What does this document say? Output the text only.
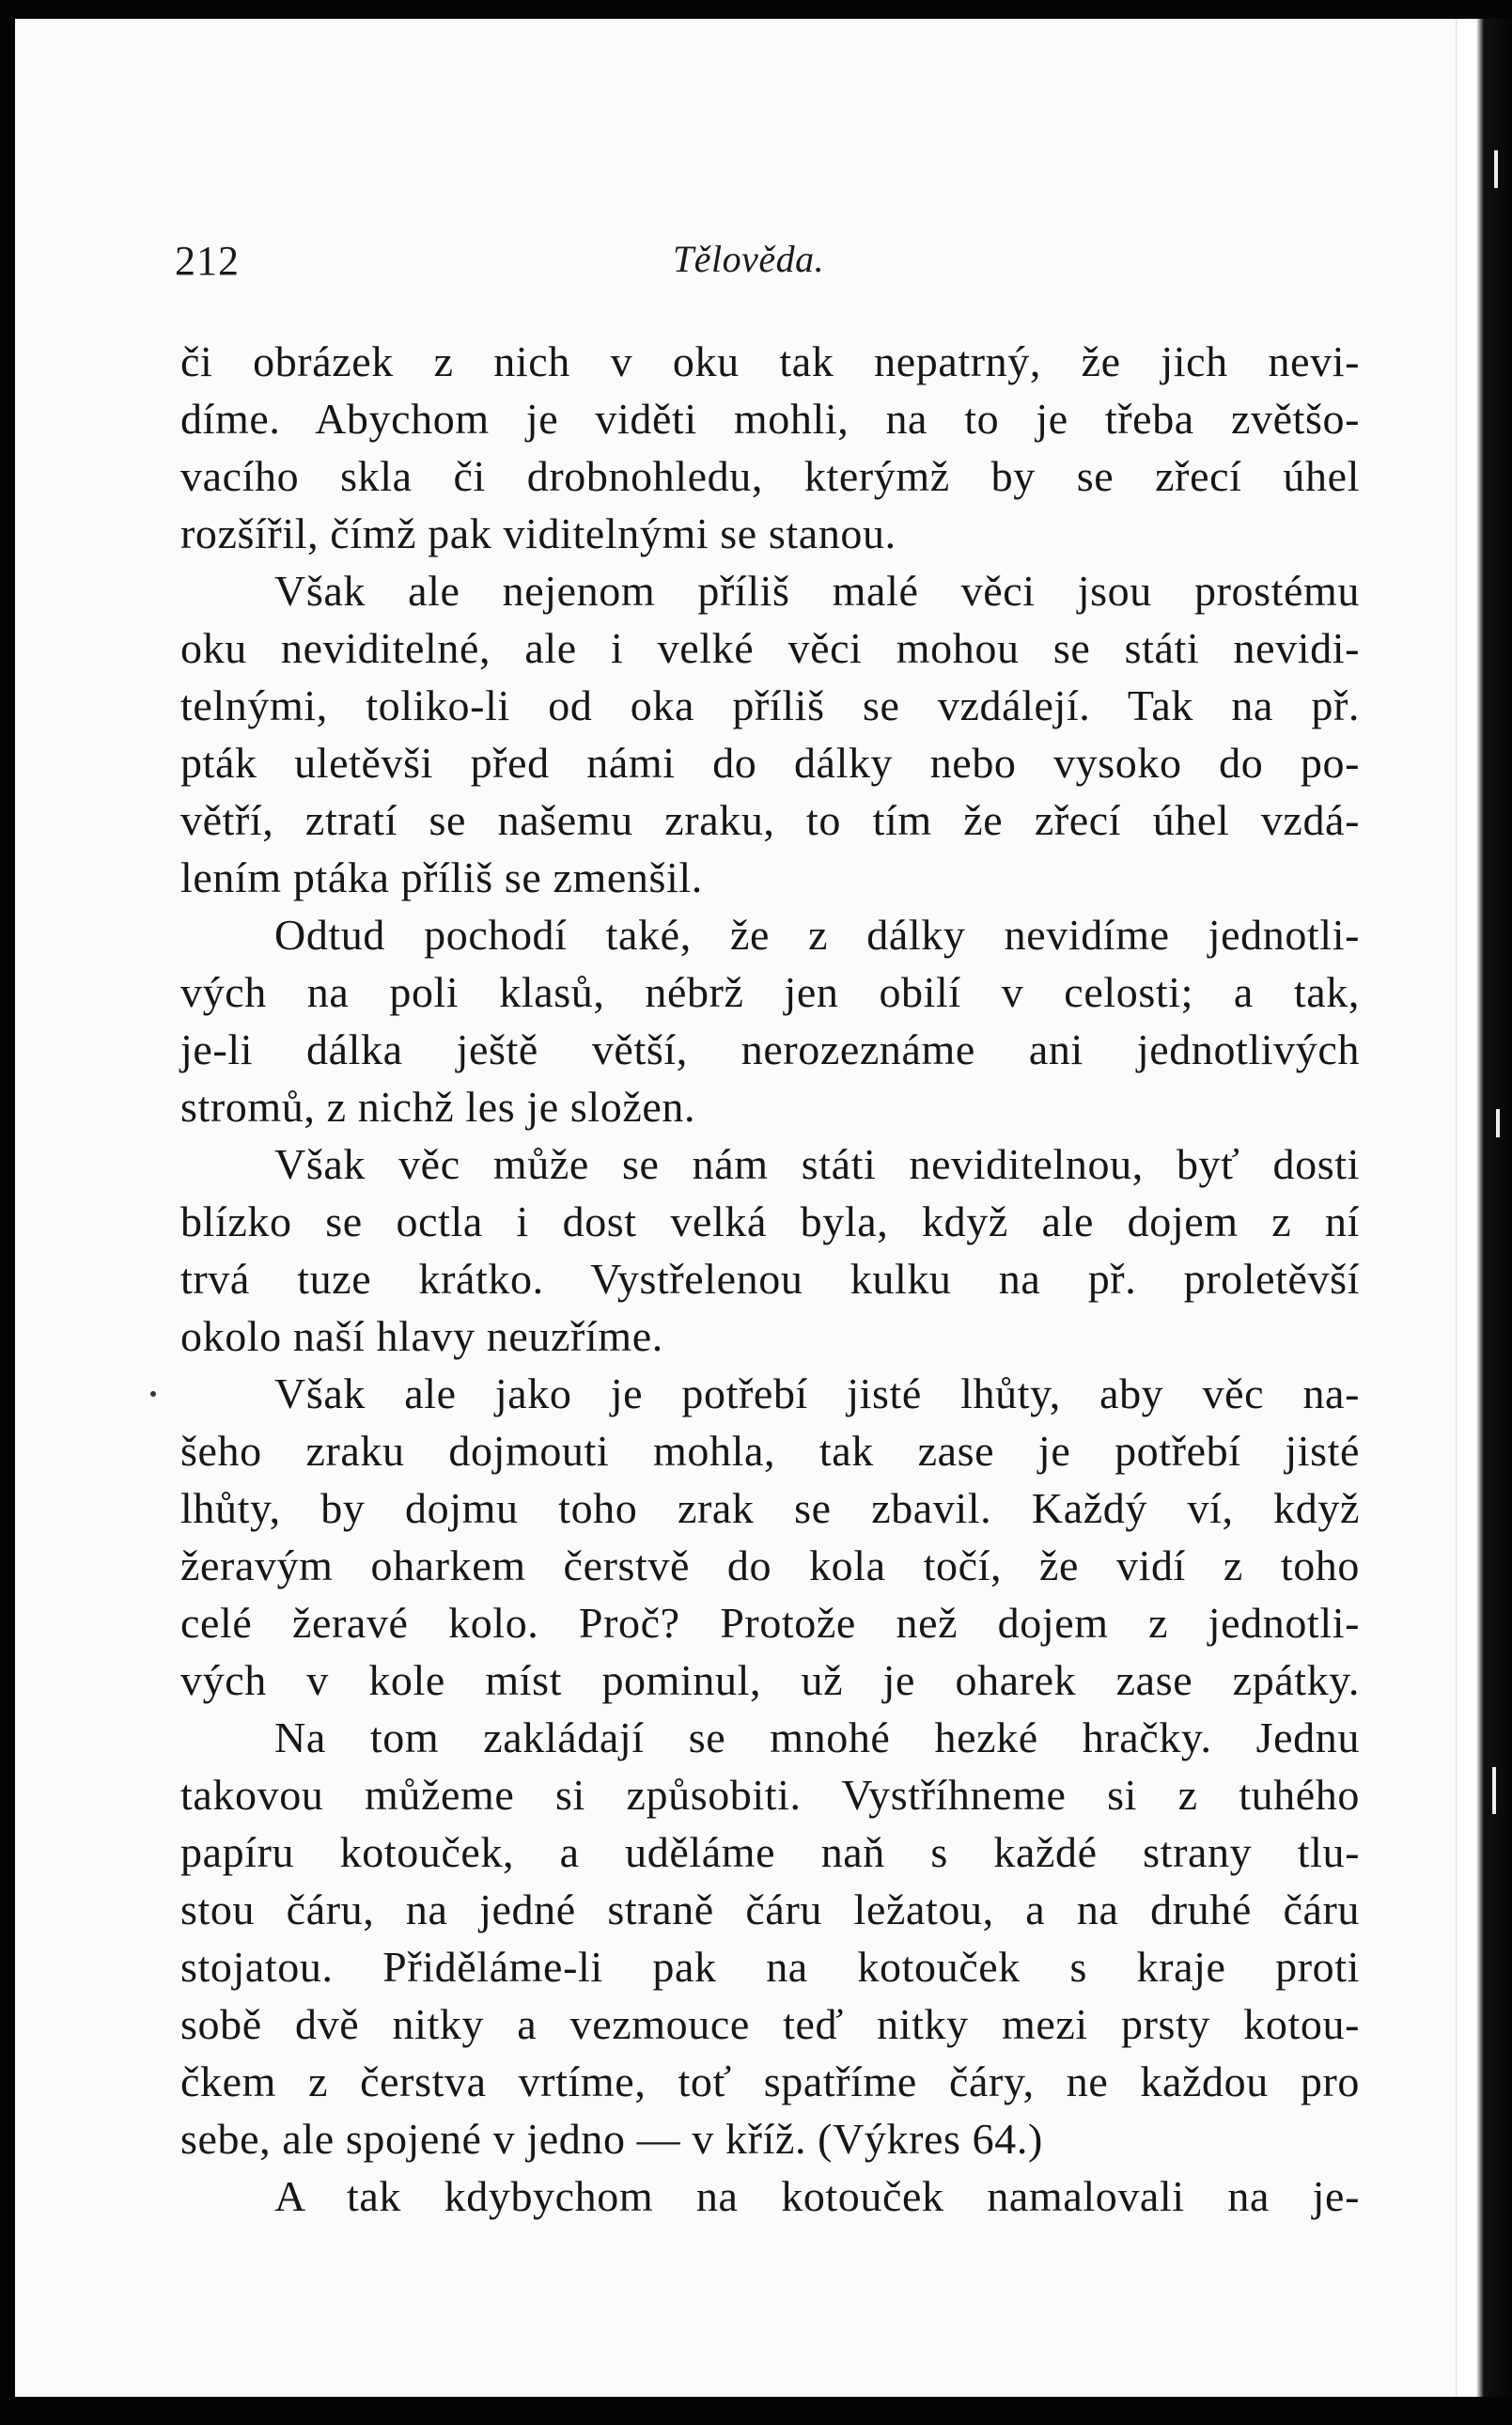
212	Tělověda.
či obrázek z nich v oku tak nepatrný, že jich nevi-
díme. Abychom je viděti mohli, na to je třeba zvětšo-
vacího skla či drobnohledu, kterýmž by se zřecí úhel
rozšířil, čímž pak viditelnými se stanou.
Však ale nejenom příliš malé věci jsou prostému
oku neviditelné, ale i velké věci mohou se státi nevidi-
telnými, toliko-li od oka příliš se vzdálejí. Tak na př.
pták uletěvši před námi do dálky nebo vysoko do po-
větří, ztratí se našemu zraku, to tím že zřecí úhel vzdá-
lením ptáka příliš se zmenšil.
Odtud pochodí také, že z dálky nevidíme jednotli-
vých na poli klasů, nébrž jen obilí v celosti; a tak,
je-li dálka ještě větší, nerozeznáme ani jednotlivých
stromů, z nichž les je složen.
Však věc může se nám státi neviditelnou, byť dosti
blízko se octla i dost velká byla, když ale dojem z ní
trvá tuze krátko. Vystřelenou kulku na př. proletěvší
okolo naší hlavy neuzříme.
Však ale jako je potřebí jisté lhůty, aby věc na-
šeho zraku dojmouti mohla, tak zase je potřebí jisté
lhůty, by dojmu toho zrak se zbavil. Každý ví, když
žeravým oharkem čerstvě do kola točí, že vidí z toho
celé žeravé kolo. Proč? Protože než dojem z jednotli-
vých v kole míst pominul, už je oharek zase zpátky.
Na tom zakládají se mnohé hezké hračky. Jednu
takovou můžeme si způsobiti. Vystříhneme si z tuhého
papíru kotouček, a uděláme naň s každé strany tlu-
stou čáru, na jedné straně čáru ležatou, a na druhé čáru
stojatou. Přiděláme-li pak na kotouček s kraje proti
sobě dvě nitky a vezmouce teď nitky mezi prsty kotou-
čkem z čerstva vrtíme, toť spatříme čáry, ne každou pro
sebe, ale spojené v jedno — v kříž. (Výkres 64.)
A tak kdybychom na kotouček namalovali na je-
